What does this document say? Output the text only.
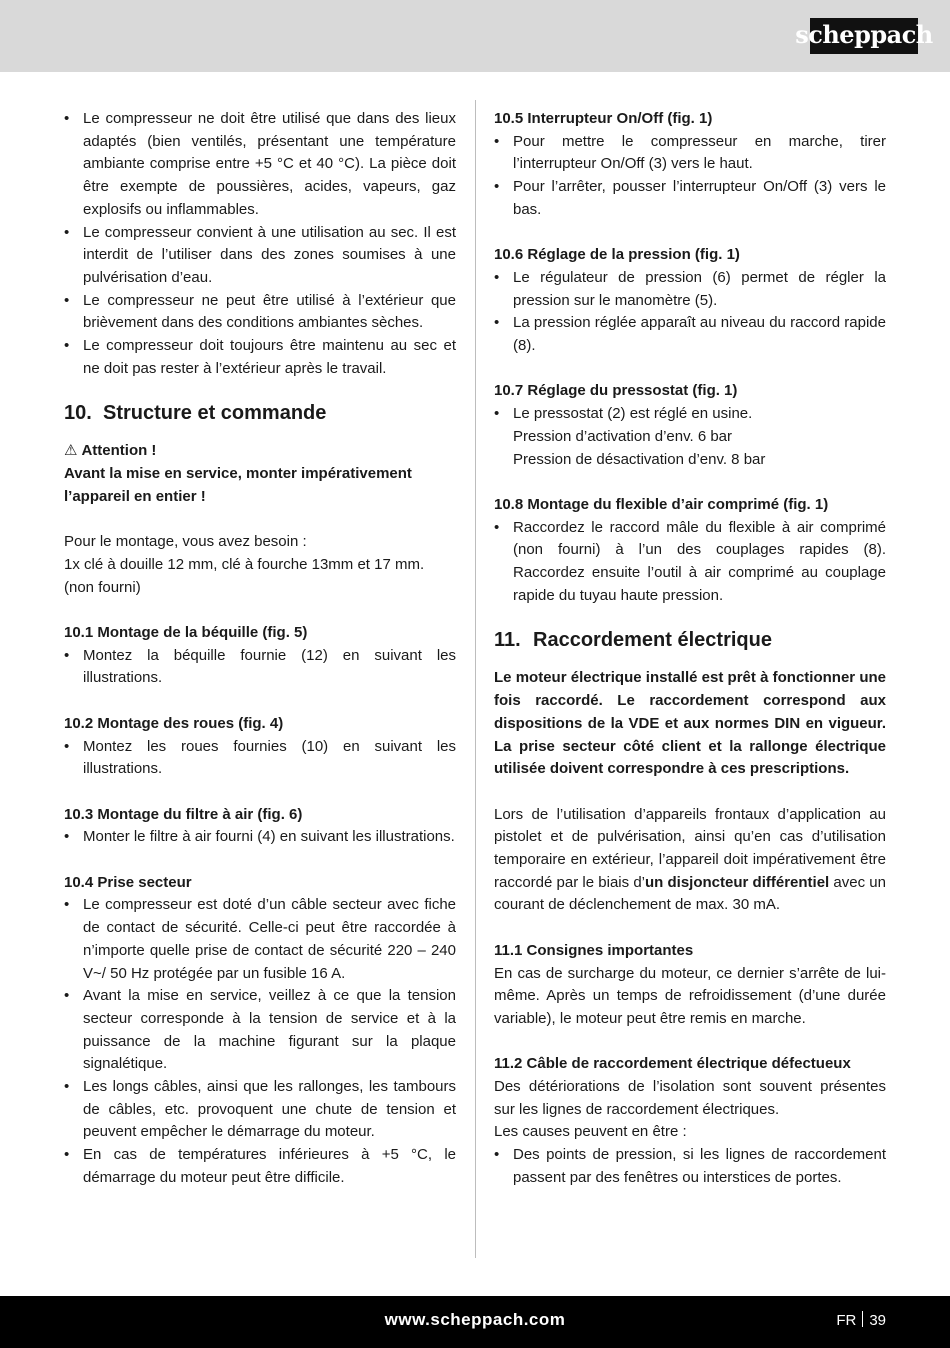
scheppach
• Le compresseur ne doit être utilisé que dans des lieux adaptés (bien ventilés, présentant une température ambiante comprise entre +5 °C et 40 °C). La pièce doit être exempte de poussières, acides, vapeurs, gaz explosifs ou inflammables.
• Le compresseur convient à une utilisation au sec. Il est interdit de l’utiliser dans des zones soumises à une pulvérisation d’eau.
• Le compresseur ne peut être utilisé à l’extérieur que brièvement dans des conditions ambiantes sèches.
• Le compresseur doit toujours être maintenu au sec et ne doit pas rester à l’extérieur après le travail.
10. Structure et commande

⚠ Attention !

Avant la mise en service, monter impérativement l’appareil en entier !

Pour le montage, vous avez besoin :

1x clé à douille 12 mm, clé à fourche 13mm et 17 mm. (non fourni)

10.1 Montage de la béquille (fig. 5)

• Montez la béquille fournie (12) en suivant les illustrations.

10.2 Montage des roues (fig. 4)

• Montez les roues fournies (10) en suivant les illustrations.

10.3 Montage du filtre à air (fig. 6)

• Monter le filtre à air fourni (4) en suivant les illustrations.

10.4 Prise secteur

• Le compresseur est doté d’un câble secteur avec fiche de contact de sécurité. Celle-ci peut être raccordée à n’importe quelle prise de contact de sécurité 220 – 240 V~/ 50 Hz protégée par un fusible 16 A.
• Avant la mise en service, veillez à ce que la tension secteur corresponde à la tension de service et à la puissance de la machine figurant sur la plaque signalétique.
• Les longs câbles, ainsi que les rallonges, les tambours de câbles, etc. provoquent une chute de tension et peuvent empêcher le démarrage du moteur.
• En cas de températures inférieures à +5 °C, le démarrage du moteur peut être difficile.

10.5 Interrupteur On/Off (fig. 1)

• Pour mettre le compresseur en marche, tirer l’interrupteur On/Off (3) vers le haut.
• Pour l’arrêter, pousser l’interrupteur On/Off (3) vers le bas.

10.6 Réglage de la pression (fig. 1)

• Le régulateur de pression (6) permet de régler la pression sur le manomètre (5).
• La pression réglée apparaît au niveau du raccord rapide (8).

10.7 Réglage du pressostat (fig. 1)

• Le pressostat (2) est réglé en usine.
Pression d’activation d’env. 6 bar
Pression de désactivation d’env. 8 bar

10.8 Montage du flexible d’air comprimé (fig. 1)

• Raccordez le raccord mâle du flexible à air comprimé (non fourni) à l’un des couplages rapides (8). Raccordez ensuite l’outil à air comprimé au couplage rapide du tuyau haute pression.
11. Raccordement électrique

Le moteur électrique installé est prêt à fonctionner une fois raccordé. Le raccordement correspond aux dispositions de la VDE et aux normes DIN en vigueur. La prise secteur côté client et la rallonge électrique utilisée doivent correspondre à ces prescriptions.

Lors de l’utilisation d’appareils frontaux d’application au pistolet et de pulvérisation, ainsi qu’en cas d’utilisation temporaire en extérieur, l’appareil doit impérativement être raccordé par le biais d’un disjoncteur différentiel avec un courant de déclenchement de max. 30 mA.

11.1 Consignes importantes

En cas de surcharge du moteur, ce dernier s’arrête de lui-même. Après un temps de refroidissement (d’une durée variable), le moteur peut être remis en marche.

11.2 Câble de raccordement électrique défectueux

Des détériorations de l’isolation sont souvent présentes sur les lignes de raccordement électriques.

Les causes peuvent en être :

• Des points de pression, si les lignes de raccordement passent par des fenêtres ou interstices de portes.
www.scheppach.com	FR 39
